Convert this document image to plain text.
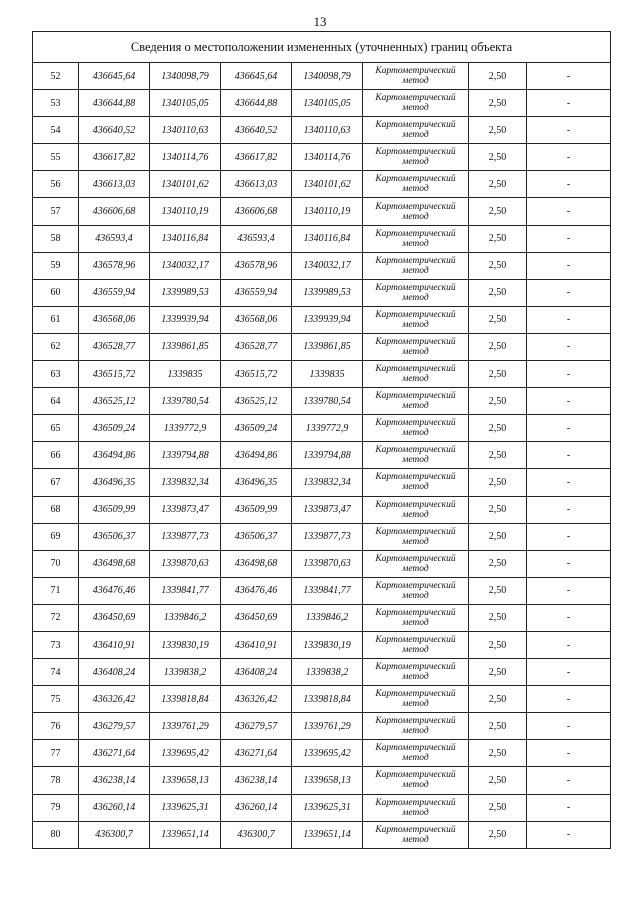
13
Сведения о местоположении измененных (уточненных) границ объекта							
52	436645,64	1340098,79	436645,64	1340098,79	Картометрический метод	2,50	-
53	436644,88	1340105,05	436644,88	1340105,05	Картометрический метод	2,50	-
54	436640,52	1340110,63	436640,52	1340110,63	Картометрический метод	2,50	-
55	436617,82	1340114,76	436617,82	1340114,76	Картометрический метод	2,50	-
56	436613,03	1340101,62	436613,03	1340101,62	Картометрический метод	2,50	-
57	436606,68	1340110,19	436606,68	1340110,19	Картометрический метод	2,50	-
58	436593,4	1340116,84	436593,4	1340116,84	Картометрический метод	2,50	-
59	436578,96	1340032,17	436578,96	1340032,17	Картометрический метод	2,50	-
60	436559,94	1339989,53	436559,94	1339989,53	Картометрический метод	2,50	-
61	436568,06	1339939,94	436568,06	1339939,94	Картометрический метод	2,50	-
62	436528,77	1339861,85	436528,77	1339861,85	Картометрический метод	2,50	-
63	436515,72	1339835	436515,72	1339835	Картометрический метод	2,50	-
64	436525,12	1339780,54	436525,12	1339780,54	Картометрический метод	2,50	-
65	436509,24	1339772,9	436509,24	1339772,9	Картометрический метод	2,50	-
66	436494,86	1339794,88	436494,86	1339794,88	Картометрический метод	2,50	-
67	436496,35	1339832,34	436496,35	1339832,34	Картометрический метод	2,50	-
68	436509,99	1339873,47	436509,99	1339873,47	Картометрический метод	2,50	-
69	436506,37	1339877,73	436506,37	1339877,73	Картометрический метод	2,50	-
70	436498,68	1339870,63	436498,68	1339870,63	Картометрический метод	2,50	-
71	436476,46	1339841,77	436476,46	1339841,77	Картометрический метод	2,50	-
72	436450,69	1339846,2	436450,69	1339846,2	Картометрический метод	2,50	-
73	436410,91	1339830,19	436410,91	1339830,19	Картометрический метод	2,50	-
74	436408,24	1339838,2	436408,24	1339838,2	Картометрический метод	2,50	-
75	436326,42	1339818,84	436326,42	1339818,84	Картометрический метод	2,50	-
76	436279,57	1339761,29	436279,57	1339761,29	Картометрический метод	2,50	-
77	436271,64	1339695,42	436271,64	1339695,42	Картометрический метод	2,50	-
78	436238,14	1339658,13	436238,14	1339658,13	Картометрический метод	2,50	-
79	436260,14	1339625,31	436260,14	1339625,31	Картометрический метод	2,50	-
80	436300,7	1339651,14	436300,7	1339651,14	Картометрический метод	2,50	-
